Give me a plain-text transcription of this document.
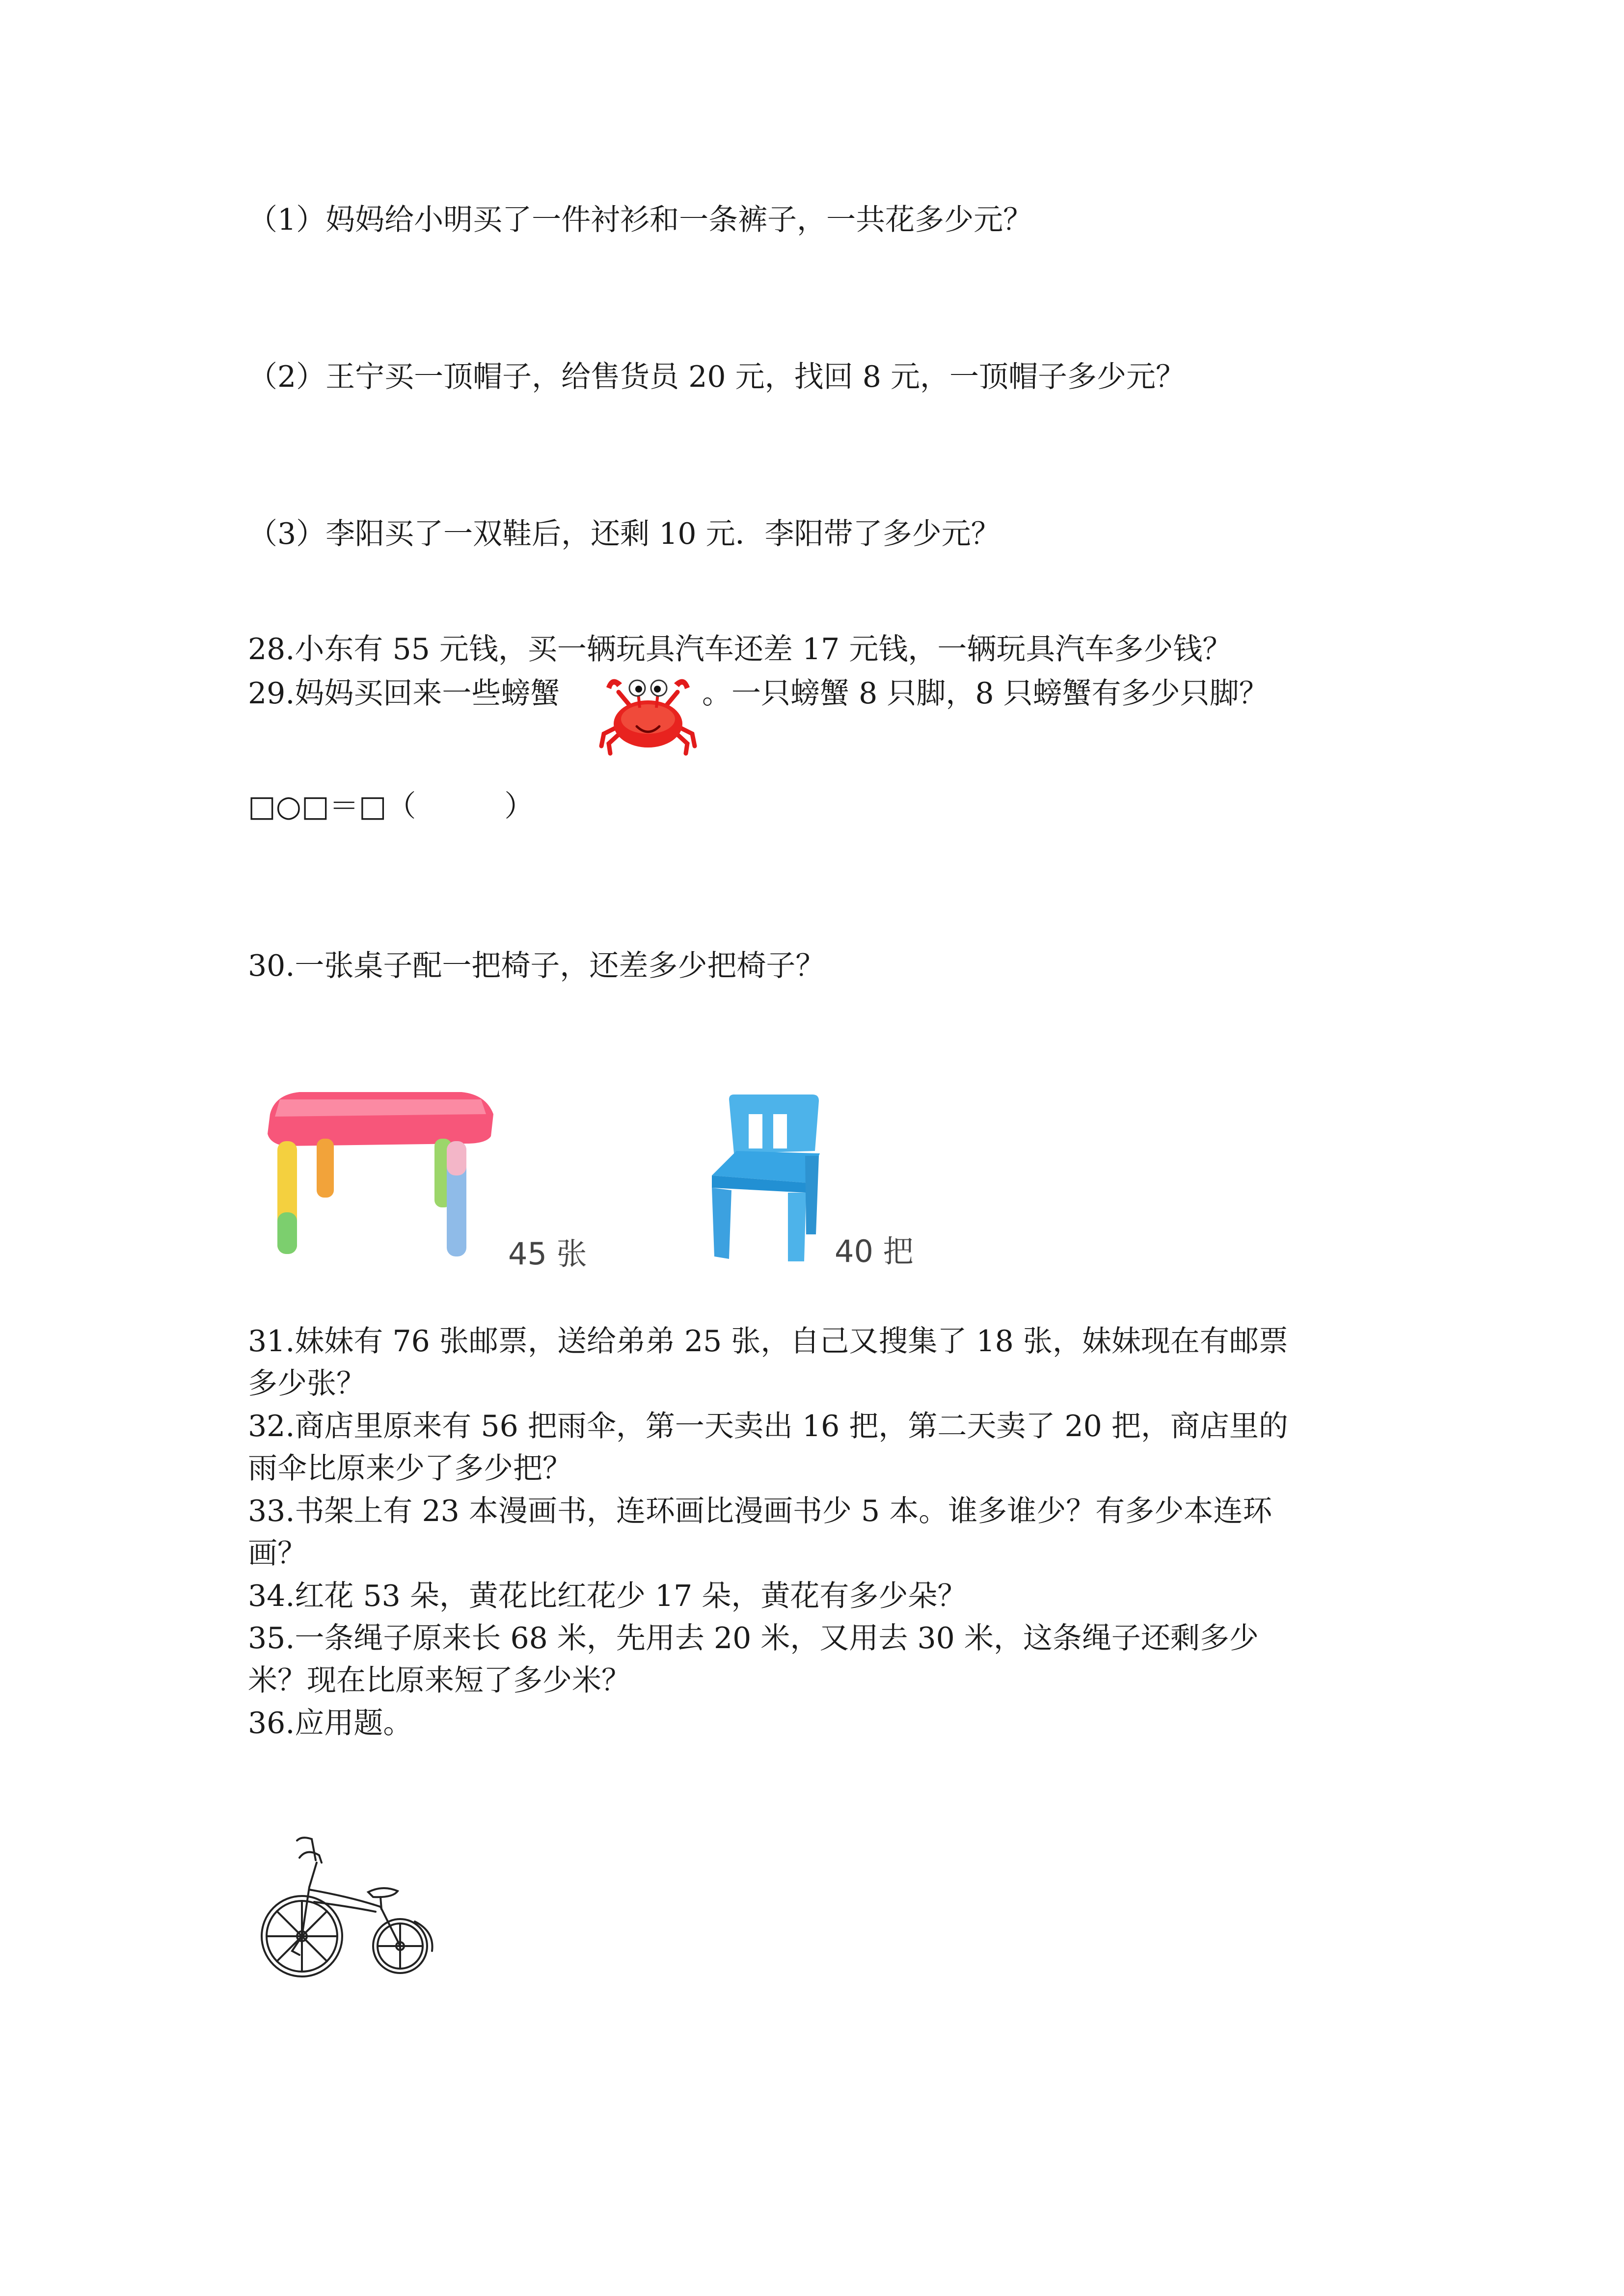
（1）妈妈给小明买了一件衬衫和一条裤子，一共花多少元？
（2）王宁买一顶帽子，给售货员 20 元，找回 8 元，一顶帽子多少元？
（3）李阳买了一双鞋后，还剩 10 元．李阳带了多少元？
28.小东有 55 元钱，买一辆玩具汽车还差 17 元钱，一辆玩具汽车多少钱？
29.妈妈买回来一些螃蟹	。一只螃蟹 8 只脚，8 只螃蟹有多少只脚？
□○□＝□（　　　）
30.一张桌子配一把椅子，还差多少把椅子？
45 张	40 把
31.妹妹有 76 张邮票，送给弟弟 25 张，自己又搜集了 18 张，妹妹现在有邮票
多少张？
32.商店里原来有 56 把雨伞，第一天卖出 16 把，第二天卖了 20 把，商店里的
雨伞比原来少了多少把？
33.书架上有 23 本漫画书，连环画比漫画书少 5 本。谁多谁少？有多少本连环
画？
34.红花 53 朵，黄花比红花少 17 朵，黄花有多少朵？
35.一条绳子原来长 68 米，先用去 20 米，又用去 30 米，这条绳子还剩多少
米？现在比原来短了多少米？
36.应用题。
